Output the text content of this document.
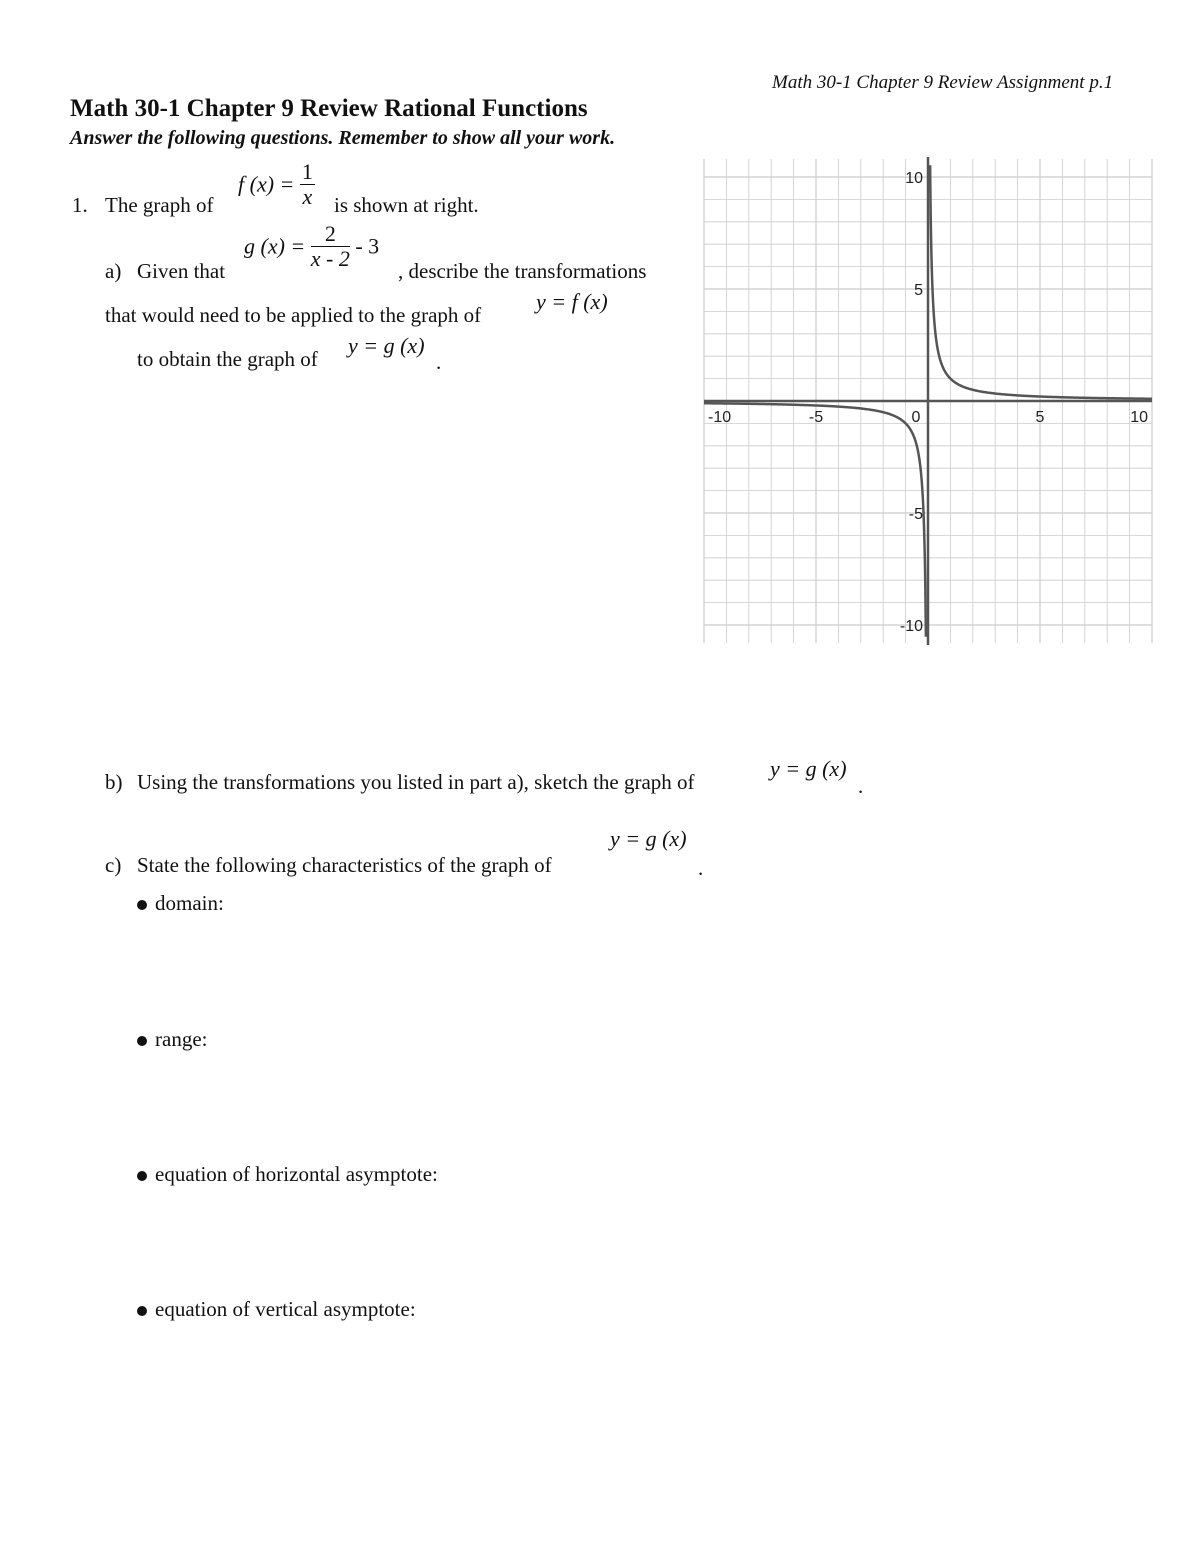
Math 30-1 Chapter 9 Review Assignment p.1
Math 30-1 Chapter 9 Review Rational Functions
Answer the following questions. Remember to show all your work.
1. The graph of
f $(x) = \frac{1}{x}$ is shown at right.
a) Given that
g $(x) = \frac{2}{x - 2} - 3$
, describe the transformations
that would need to be applied to the graph of
y = f (x)
to obtain the graph of
y = g (x)
.
-10	-5	0	5	10
10
5
-5
-10
b) Using the transformations you listed in part a), sketch the graph of
y = g (x)
.
c) State the following characteristics of the graph of
y = g (x)
.
domain:
range:
equation of horizontal asymptote:
equation of vertical asymptote:
